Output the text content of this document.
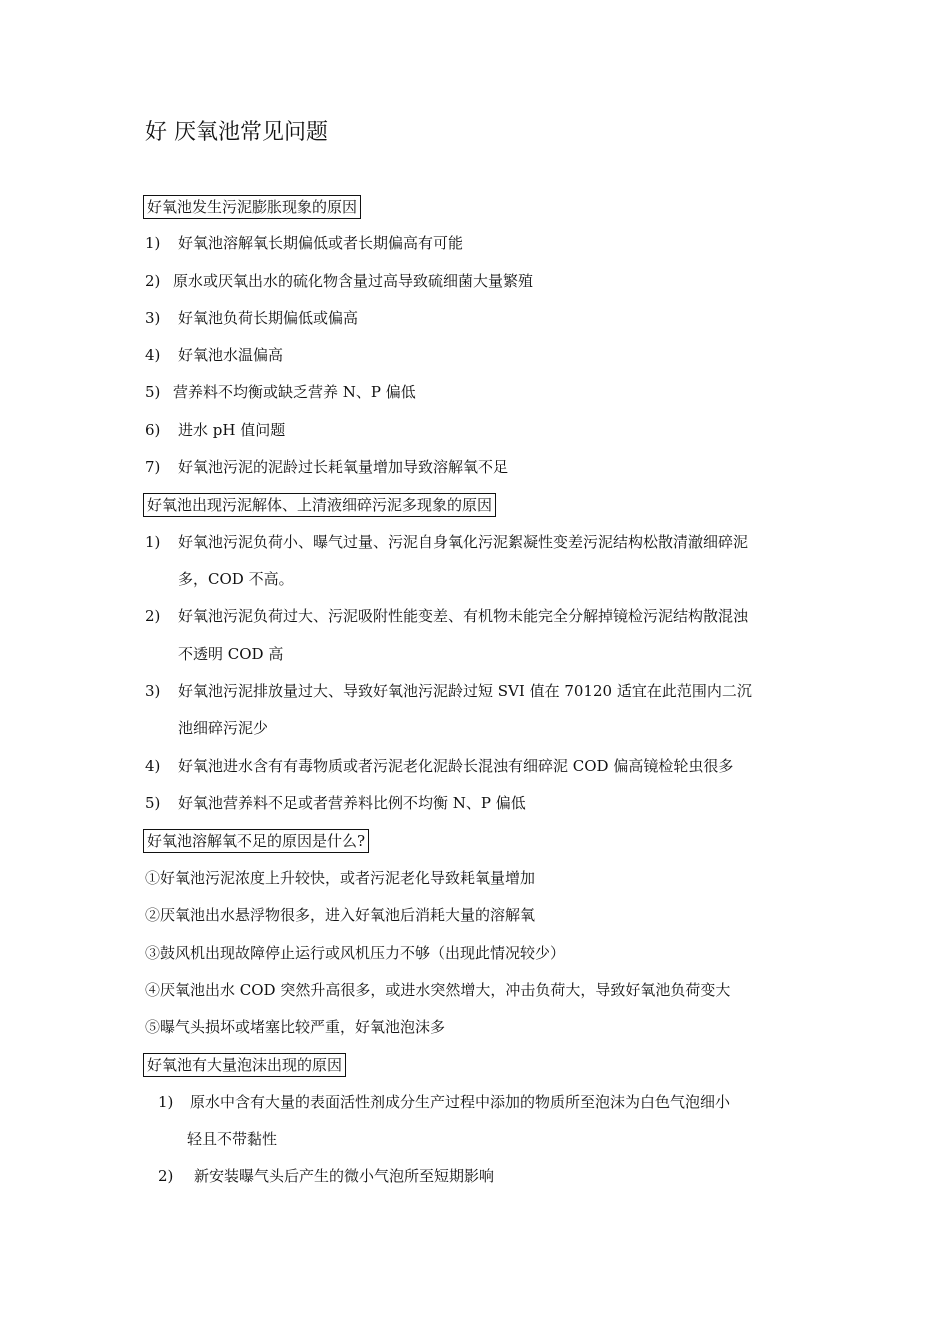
好 厌氧池常见问题
好氧池发生污泥膨胀现象的原因
1) 好氧池溶解氧长期偏低或者长期偏高有可能
2) 原水或厌氧出水的硫化物含量过高导致硫细菌大量繁殖
3) 好氧池负荷长期偏低或偏高
4) 好氧池水温偏高
5) 营养料不均衡或缺乏营养 N、P 偏低
6) 进水 pH 值问题
7) 好氧池污泥的泥龄过长耗氧量增加导致溶解氧不足
好氧池出现污泥解体、上清液细碎污泥多现象的原因
1) 好氧池污泥负荷小、曝气过量、污泥自身氧化污泥絮凝性变差污泥结构松散清澈细碎泥
多，COD 不高。
2) 好氧池污泥负荷过大、污泥吸附性能变差、有机物未能完全分解掉镜检污泥结构散混浊
不透明 COD 高
3) 好氧池污泥排放量过大、导致好氧池污泥龄过短 SVI 值在 70120 适宜在此范围内二沉
池细碎污泥少
4) 好氧池进水含有有毒物质或者污泥老化泥龄长混浊有细碎泥 COD 偏高镜检轮虫很多
5) 好氧池营养料不足或者营养料比例不均衡 N、P 偏低
好氧池溶解氧不足的原因是什么?
①好氧池污泥浓度上升较快，或者污泥老化导致耗氧量增加
②厌氧池出水悬浮物很多，进入好氧池后消耗大量的溶解氧
③鼓风机出现故障停止运行或风机压力不够（出现此情况较少）
④厌氧池出水 COD 突然升高很多，或进水突然增大，冲击负荷大，导致好氧池负荷变大
⑤曝气头损坏或堵塞比较严重，好氧池泡沫多
好氧池有大量泡沫出现的原因
1) 原水中含有大量的表面活性剂成分生产过程中添加的物质所至泡沫为白色气泡细小
轻且不带黏性
2) 新安装曝气头后产生的微小气泡所至短期影响
